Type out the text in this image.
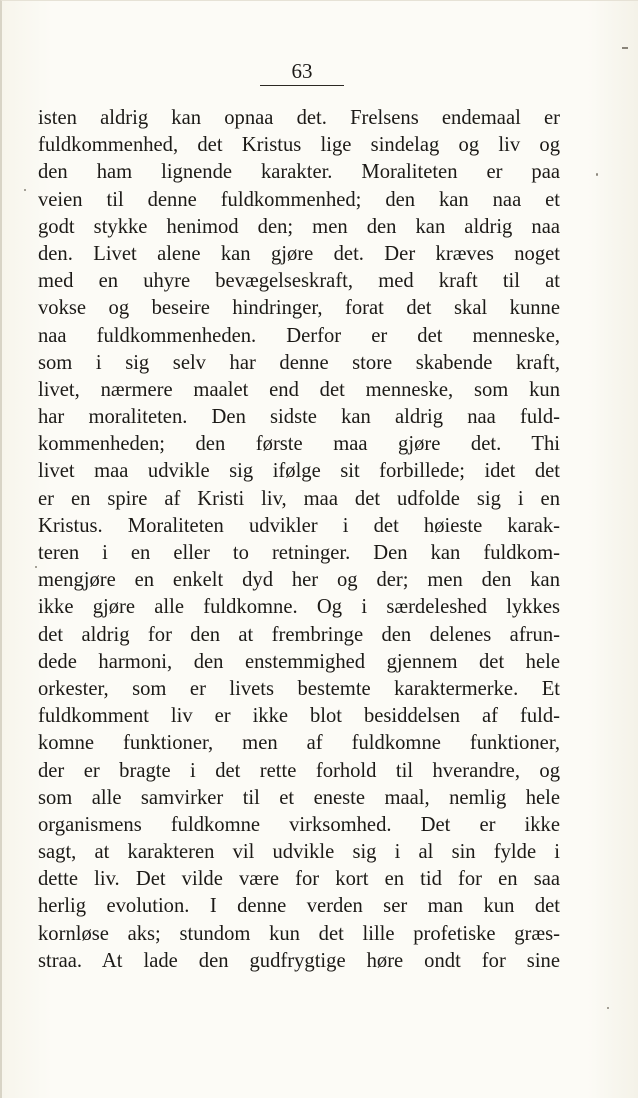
63
isten aldrig kan opnaa det. Frelsens endemaal er
fuldkommenhed, det Kristus lige sindelag og liv og
den ham lignende karakter. Moraliteten er paa
veien til denne fuldkommenhed; den kan naa et
godt stykke henimod den; men den kan aldrig naa
den. Livet alene kan gjøre det. Der kræves noget
med en uhyre bevægelseskraft, med kraft til at
vokse og beseire hindringer, forat det skal kunne
naa fuldkommenheden. Derfor er det menneske,
som i sig selv har denne store skabende kraft,
livet, nærmere maalet end det menneske, som kun
har moraliteten. Den sidste kan aldrig naa fuld-
kommenheden; den første maa gjøre det. Thi
livet maa udvikle sig ifølge sit forbillede; idet det
er en spire af Kristi liv, maa det udfolde sig i en
Kristus. Moraliteten udvikler i det høieste karak-
teren i en eller to retninger. Den kan fuldkom-
mengjøre en enkelt dyd her og der; men den kan
ikke gjøre alle fuldkomne. Og i særdeleshed lykkes
det aldrig for den at frembringe den delenes afrun-
dede harmoni, den enstemmighed gjennem det hele
orkester, som er livets bestemte karaktermerke. Et
fuldkomment liv er ikke blot besiddelsen af fuld-
komne funktioner, men af fuldkomne funktioner,
der er bragte i det rette forhold til hverandre, og
som alle samvirker til et eneste maal, nemlig hele
organismens fuldkomne virksomhed. Det er ikke
sagt, at karakteren vil udvikle sig i al sin fylde i
dette liv. Det vilde være for kort en tid for en saa
herlig evolution. I denne verden ser man kun det
kornløse aks; stundom kun det lille profetiske græs-
straa. At lade den gudfrygtige høre ondt for sine
